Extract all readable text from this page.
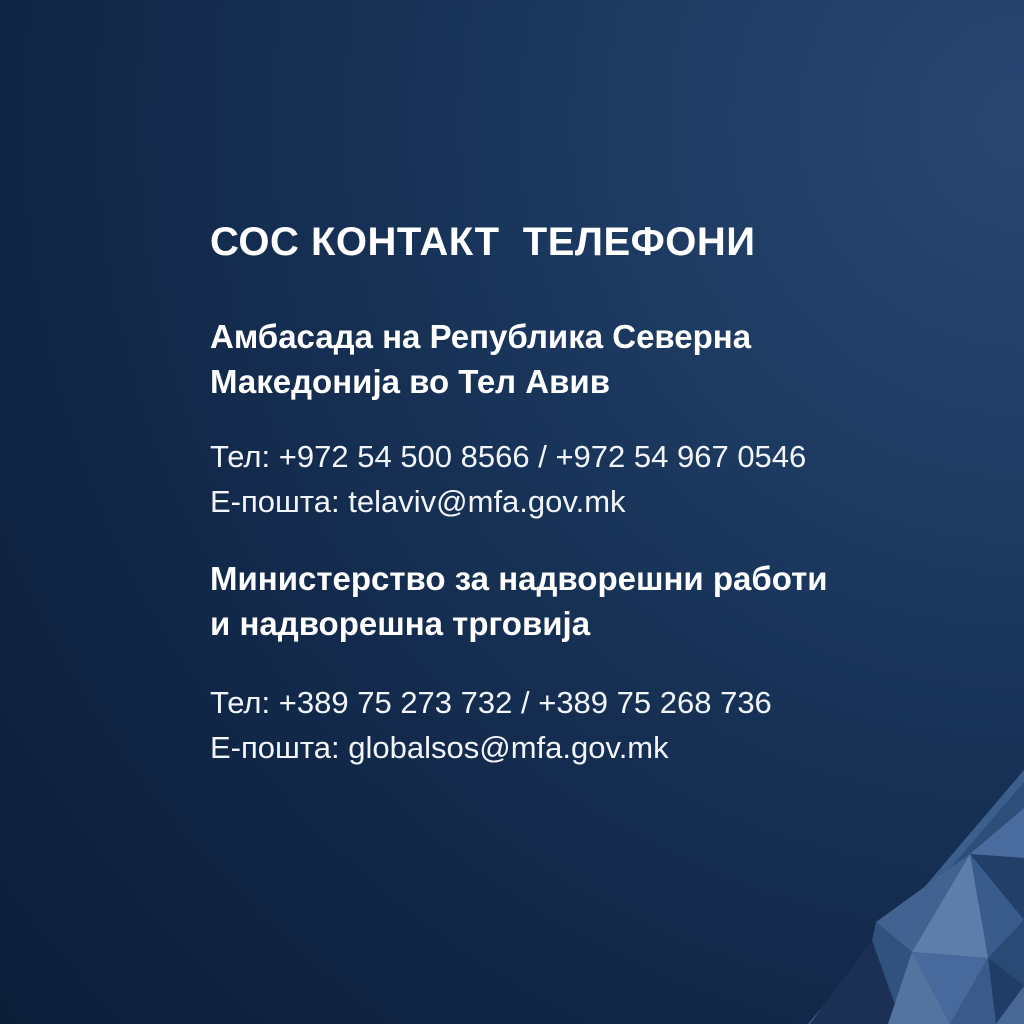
СОС КОНТАКТ  ТЕЛЕФОНИ
Амбасада на Република Северна
Македонија во Тел Авив
Тел: +972 54 500 8566 / +972 54 967 0546
Е-пошта: telaviv@mfa.gov.mk
Министерство за надворешни работи
и надворешна трговија
Тел: +389 75 273 732 / +389 75 268 736
Е-пошта: globalsos@mfa.gov.mk
